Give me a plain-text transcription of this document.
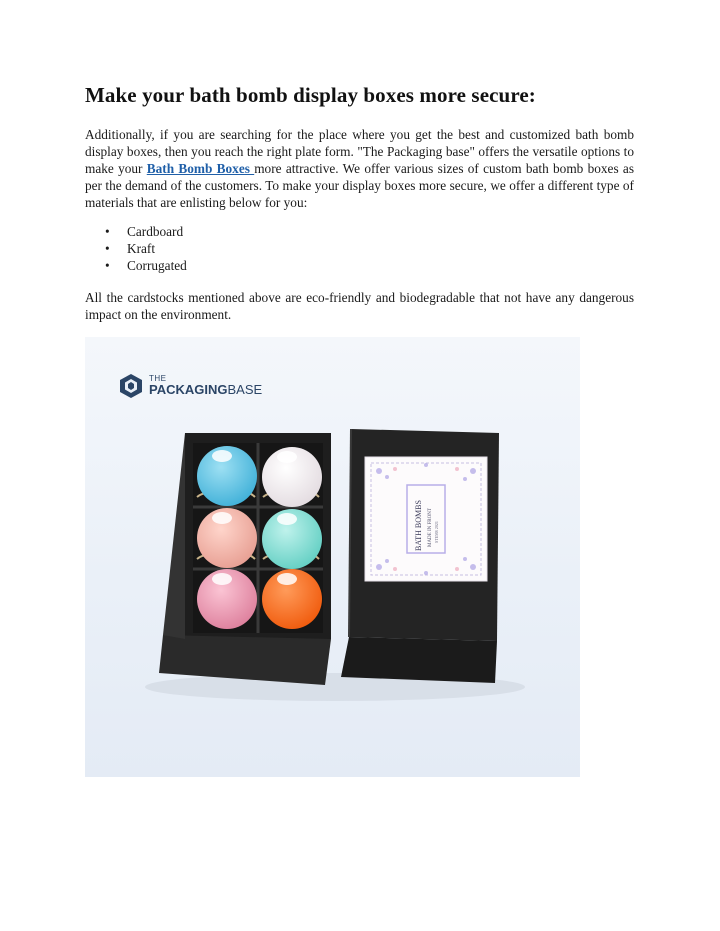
Make your bath bomb display boxes more secure:

Additionally, if you are searching for the place where you get the best and customized bath bomb display boxes, then you reach the right plate form. "The Packaging base" offers the versatile options to make your Bath Bomb Boxes more attractive. We offer various sizes of custom bath bomb boxes as per the demand of the customers. To make your display boxes more secure, we offer a different type of materials that are enlisting below for you:

• Cardboard
• Kraft
• Corrugated

All the cardstocks mentioned above are eco-friendly and biodegradable that not have any dangerous impact on the environment.

BATH BOMBS MADE IN FRONT STEMS 2021
THE
PACKAGINGBASE
